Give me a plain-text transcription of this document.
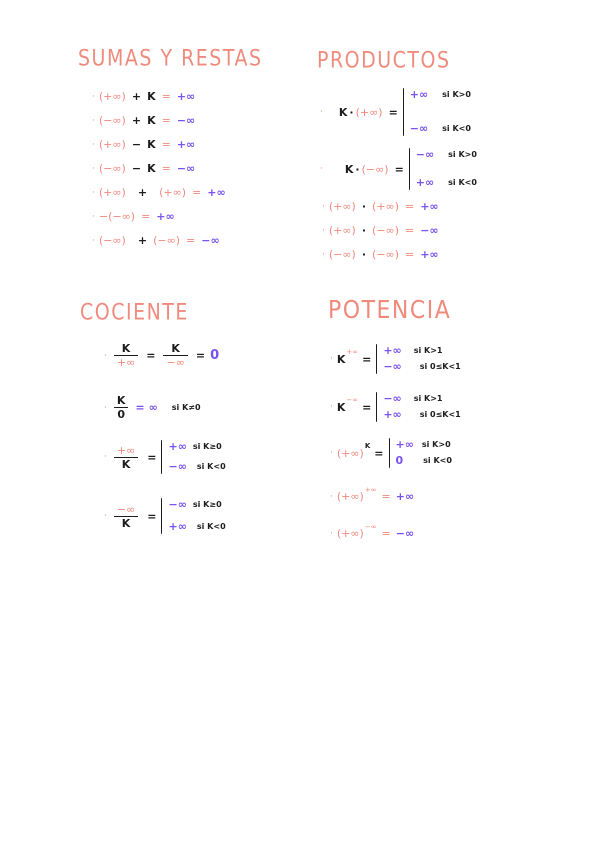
SUMAS Y RESTAS
· (+∞) + K = +∞
· (−∞) + K = −∞
· (+∞) − K = +∞
· (−∞) − K = −∞
· (+∞) + (+∞) = +∞
· −(−∞) = +∞
· (−∞) + (−∞) = −∞
PRODUCTOS
· K · (+∞) =
+∞ si K>0
−∞ si K<0
· K · (−∞) =
−∞ si K>0
+∞ si K<0
· (+∞) · (+∞) = +∞
· (+∞) · (−∞) = −∞
· (−∞) · (−∞) = +∞
COCIENTE
· $\frac{K}{+\infty} = \frac{K}{-\infty} = 0$
· $\frac{K}{0}$ = ∞ si K≠0
· $\frac{+\infty}{K}$ =
+∞ si K≥0
−∞ si K<0
· $\frac{-\infty}{K}$ =
−∞ si K≥0
+∞ si K<0
POTENCIA
· K
+∞
=
+∞ si K>1
−∞ si 0≤K<1
· K
−∞
=
−∞ si K>1
+∞ si 0≤K<1
· (+∞)
K
=
+∞ si K>0
0	si K<0
· (+∞)
+∞
= +∞
· (+∞)
−∞
= −∞
